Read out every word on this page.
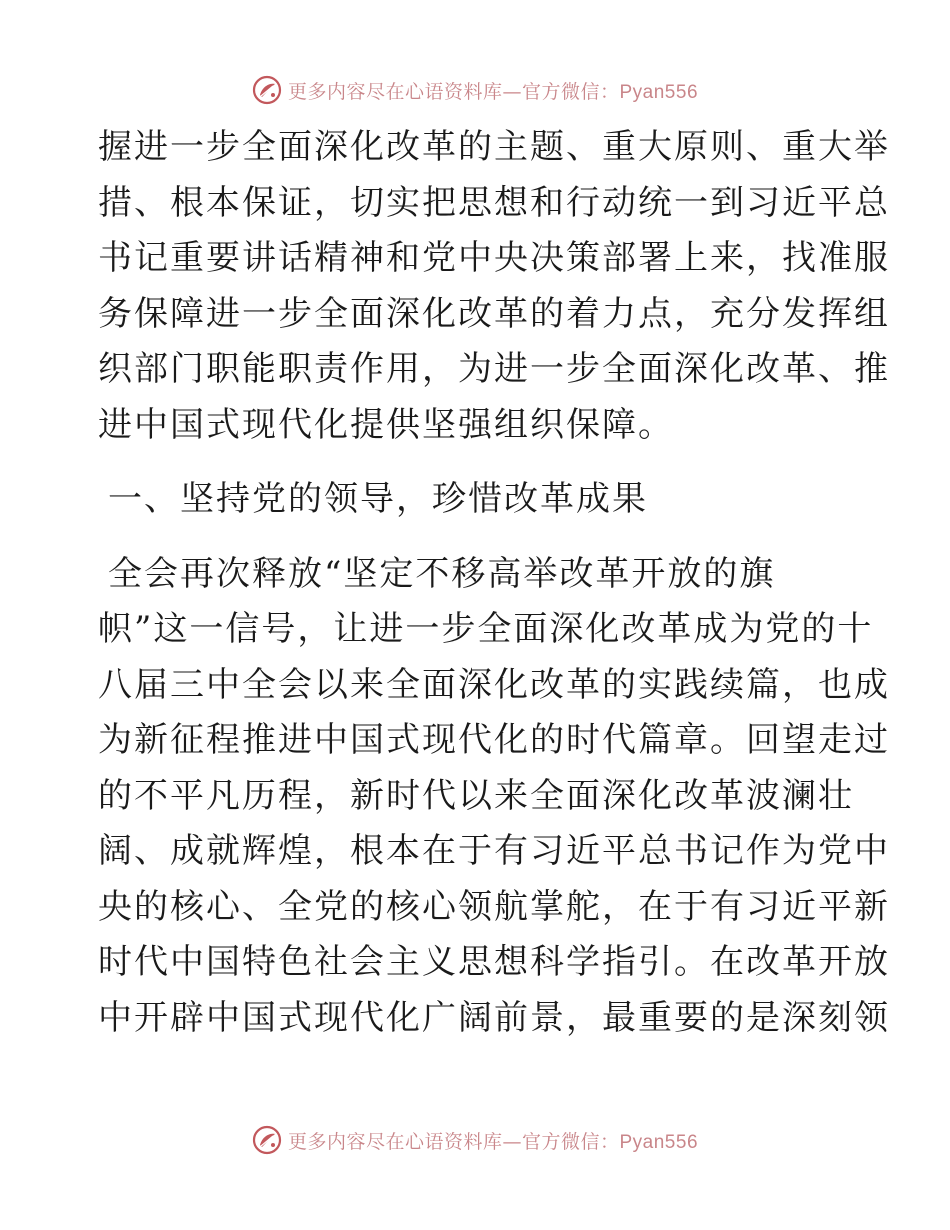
更多内容尽在心语资料库—官方微信：Pyan556
握进一步全面深化改革的主题、重大原则、重大举
措、根本保证，切实把思想和行动统一到习近平总
书记重要讲话精神和党中央决策部署上来，找准服
务保障进一步全面深化改革的着力点，充分发挥组
织部门职能职责作用，为进一步全面深化改革、推
进中国式现代化提供坚强组织保障。
一、坚持党的领导，珍惜改革成果
全会再次释放“坚定不移高举改革开放的旗
帜”这一信号，让进一步全面深化改革成为党的十
八届三中全会以来全面深化改革的实践续篇，也成
为新征程推进中国式现代化的时代篇章。回望走过
的不平凡历程，新时代以来全面深化改革波澜壮
阔、成就辉煌，根本在于有习近平总书记作为党中
央的核心、全党的核心领航掌舵，在于有习近平新
时代中国特色社会主义思想科学指引。在改革开放
中开辟中国式现代化广阔前景，最重要的是深刻领
更多内容尽在心语资料库—官方微信：Pyan556
